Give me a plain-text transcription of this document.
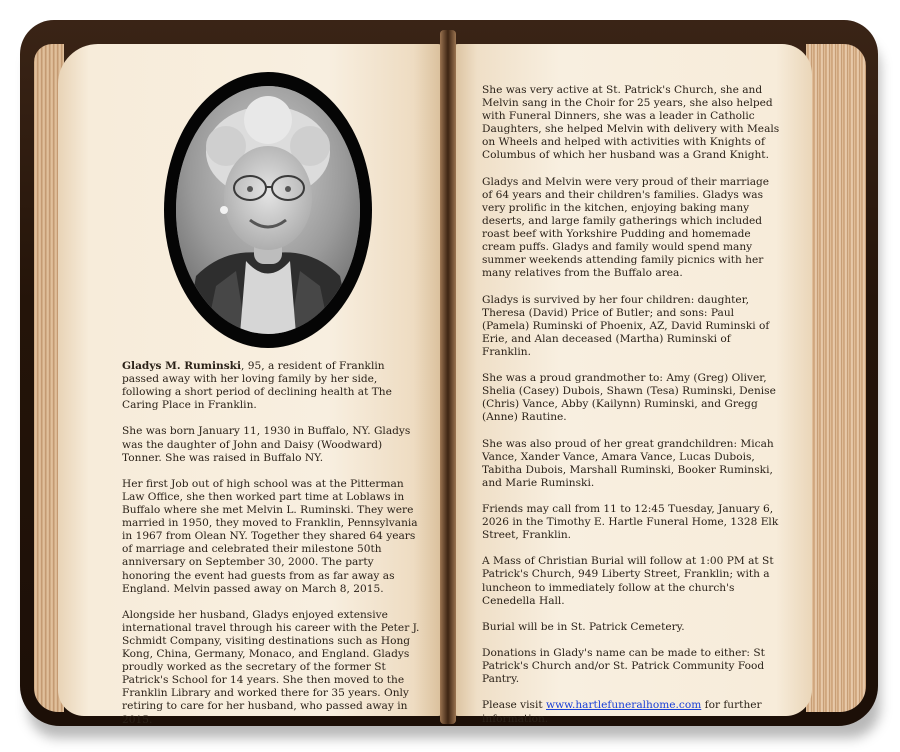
Gladys M. Ruminski, 95, a resident of Franklin passed away with her loving family by her side, following a short period of declining health at The Caring Place in Franklin.

She was born January 11, 1930 in Buffalo, NY. Gladys was the daughter of John and Daisy (Woodward) Tonner. She was raised in Buffalo NY.

Her first Job out of high school was at the Pitterman Law Office, she then worked part time at Loblaws in Buffalo where she met Melvin L. Ruminski. They were married in 1950, they moved to Franklin, Pennsylvania in 1967 from Olean NY. Together they shared 64 years of marriage and celebrated their milestone 50th anniversary on September 30, 2000. The party honoring the event had guests from as far away as England. Melvin passed away on March 8, 2015.

Alongside her husband, Gladys enjoyed extensive international travel through his career with the Peter J. Schmidt Company, visiting destinations such as Hong Kong, China, Germany, Monaco, and England. Gladys proudly worked as the secretary of the former St Patrick's School for 14 years. She then moved to the Franklin Library and worked there for 35 years. Only retiring to care for her husband, who passed away in 2015.

She was very active at St. Patrick's Church, she and Melvin sang in the Choir for 25 years, she also helped with Funeral Dinners, she was a leader in Catholic Daughters, she helped Melvin with delivery with Meals on Wheels and helped with activities with Knights of Columbus of which her husband was a Grand Knight.

Gladys and Melvin were very proud of their marriage of 64 years and their children's families. Gladys was very prolific in the kitchen, enjoying baking many deserts, and large family gatherings which included roast beef with Yorkshire Pudding and homemade cream puffs. Gladys and family would spend many summer weekends attending family picnics with her many relatives from the Buffalo area.

Gladys is survived by her four children: daughter, Theresa (David) Price of Butler; and sons: Paul (Pamela) Ruminski of Phoenix, AZ, David Ruminski of Erie, and Alan deceased (Martha) Ruminski of Franklin.

She was a proud grandmother to: Amy (Greg) Oliver, Shelia (Casey) Dubois, Shawn (Tesa) Ruminski, Denise (Chris) Vance, Abby (Kailynn) Ruminski, and Gregg (Anne) Rautine.

She was also proud of her great grandchildren: Micah Vance, Xander Vance, Amara Vance, Lucas Dubois, Tabitha Dubois, Marshall Ruminski, Booker Ruminski, and Marie Ruminski.

Friends may call from 11 to 12:45 Tuesday, January 6, 2026 in the Timothy E. Hartle Funeral Home, 1328 Elk Street, Franklin.

A Mass of Christian Burial will follow at 1:00 PM at St Patrick's Church, 949 Liberty Street, Franklin; with a luncheon to immediately follow at the church's Cenedella Hall.

Burial will be in St. Patrick Cemetery.

Donations in Glady's name can be made to either: St Patrick's Church and/or St. Patrick Community Food Pantry.

Please visit www.hartlefuneralhome.com for further information.
